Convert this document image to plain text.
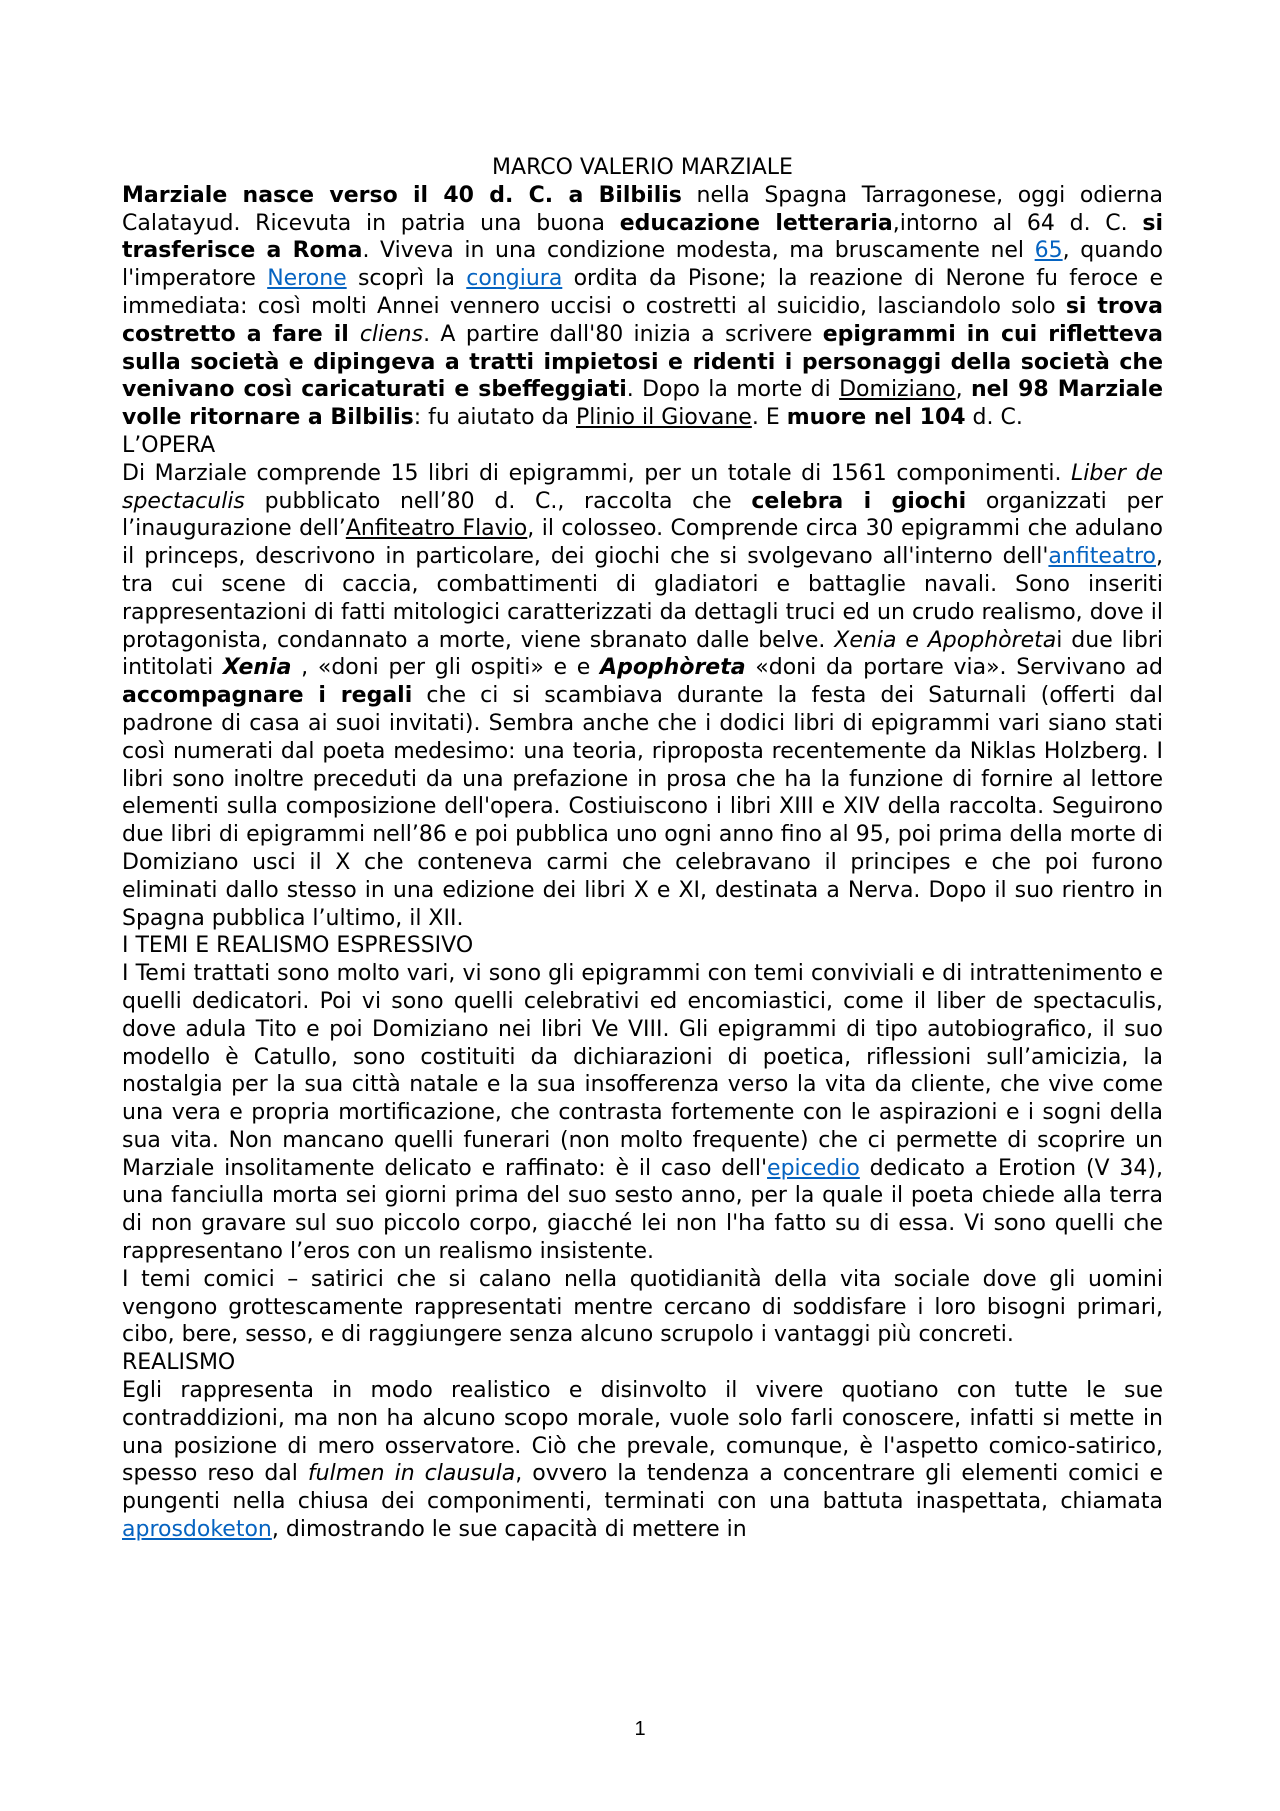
MARCO VALERIO MARZIALE

Marziale nasce verso il 40 d. C. a Bilbilis nella Spagna Tarragonese, oggi odierna Calatayud. Ricevuta in patria una buona educazione letteraria,intorno al 64 d. C. si trasferisce a Roma. Viveva in una condizione modesta, ma bruscamente nel 65, quando l'imperatore Nerone scoprì la congiura ordita da Pisone; la reazione di Nerone fu feroce e immediata: così molti Annei vennero uccisi o costretti al suicidio, lasciandolo solo si trova costretto a fare il cliens. A partire dall'80 inizia a scrivere epigrammi in cui rifletteva sulla società e dipingeva a tratti impietosi e ridenti i personaggi della società che venivano così caricaturati e sbeffeggiati. Dopo la morte di Domiziano, nel 98 Marziale volle ritornare a Bilbilis: fu aiutato da Plinio il Giovane. E muore nel 104 d. C.

L’OPERA

Di Marziale comprende 15 libri di epigrammi, per un totale di 1561 componimenti. Liber de spectaculis pubblicato nell’80 d. C., raccolta che celebra i giochi organizzati per l’inaugurazione dell’Anfiteatro Flavio, il colosseo. Comprende circa 30 epigrammi che adulano il princeps, descrivono in particolare, dei giochi che si svolgevano all'interno dell'anfiteatro, tra cui scene di caccia, combattimenti di gladiatori e battaglie navali. Sono inseriti rappresentazioni di fatti mitologici caratterizzati da dettagli truci ed un crudo realismo, dove il protagonista, condannato a morte, viene sbranato dalle belve. Xenia e Apophòretai due libri intitolati Xenia , «doni per gli ospiti» e e Apophòreta «doni da portare via». Servivano ad accompagnare i regali che ci si scambiava durante la festa dei Saturnali (offerti dal padrone di casa ai suoi invitati). Sembra anche che i dodici libri di epigrammi vari siano stati così numerati dal poeta medesimo: una teoria, riproposta recentemente da Niklas Holzberg. I libri sono inoltre preceduti da una prefazione in prosa che ha la funzione di fornire al lettore elementi sulla composizione dell'opera. Costiuiscono i libri XIII e XIV della raccolta. Seguirono due libri di epigrammi nell’86 e poi pubblica uno ogni anno fino al 95, poi prima della morte di Domiziano usci il X che conteneva carmi che celebravano il principes e che poi furono eliminati dallo stesso in una edizione dei libri X e XI, destinata a Nerva. Dopo il suo rientro in Spagna pubblica l’ultimo, il XII.

I TEMI E REALISMO ESPRESSIVO

I Temi trattati sono molto vari, vi sono gli epigrammi con temi conviviali e di intrattenimento e quelli dedicatori. Poi vi sono quelli celebrativi ed encomiastici, come il liber de spectaculis, dove adula Tito e poi Domiziano nei libri Ve VIII. Gli epigrammi di tipo autobiografico, il suo modello è Catullo, sono costituiti da dichiarazioni di poetica, riflessioni sull’amicizia, la nostalgia per la sua città natale e la sua insofferenza verso la vita da cliente, che vive come una vera e propria mortificazione, che contrasta fortemente con le aspirazioni e i sogni della sua vita. Non mancano quelli funerari (non molto frequente) che ci permette di scoprire un Marziale insolitamente delicato e raffinato: è il caso dell'epicedio dedicato a Erotion (V 34), una fanciulla morta sei giorni prima del suo sesto anno, per la quale il poeta chiede alla terra di non gravare sul suo piccolo corpo, giacché lei non l'ha fatto su di essa. Vi sono quelli che rappresentano l’eros con un realismo insistente.

I temi comici – satirici che si calano nella quotidianità della vita sociale dove gli uomini vengono grottescamente rappresentati mentre cercano di soddisfare i loro bisogni primari, cibo, bere, sesso, e di raggiungere senza alcuno scrupolo i vantaggi più concreti.

REALISMO

Egli rappresenta in modo realistico e disinvolto il vivere quotiano con tutte le sue contraddizioni, ma non ha alcuno scopo morale, vuole solo farli conoscere, infatti si mette in una posizione di mero osservatore. Ciò che prevale, comunque, è l'aspetto comico-satirico, spesso reso dal fulmen in clausula, ovvero la tendenza a concentrare gli elementi comici e pungenti nella chiusa dei componimenti, terminati con una battuta inaspettata, chiamata aprosdoketon, dimostrando le sue capacità di mettere in

1
